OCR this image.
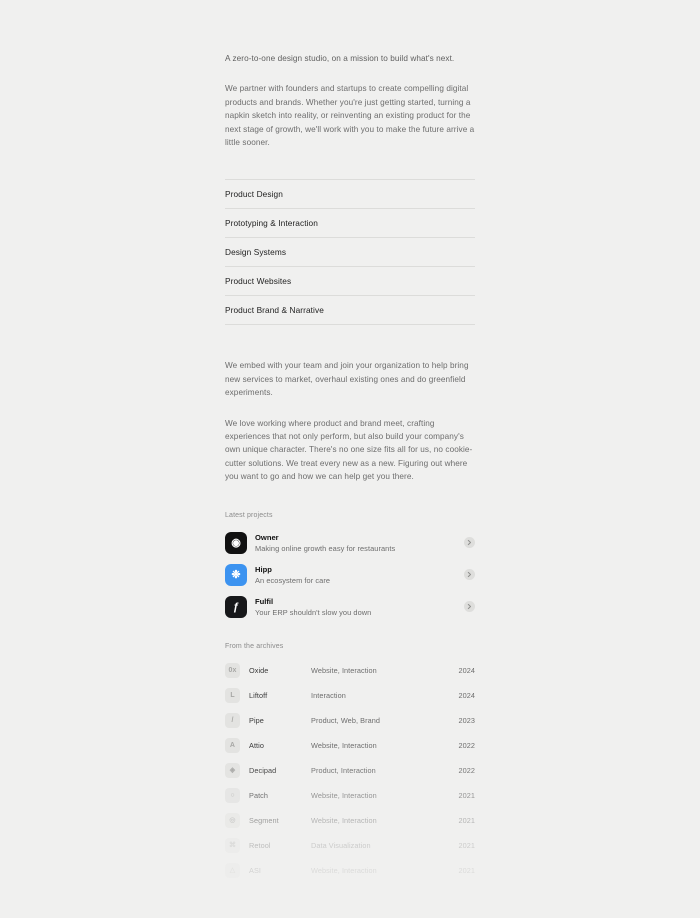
A zero-to-one design studio, on a mission to build what's next.

We partner with founders and startups to create compelling digital products and brands. Whether you're just getting started, turning a napkin sketch into reality, or reinventing an existing product for the next stage of growth, we'll work with you to make the future arrive a little sooner.

Product Design
Prototyping & Interaction
Design Systems
Product Websites
Product Brand & Narrative

We embed with your team and join your organization to help bring new services to market, overhaul existing ones and do greenfield experiments.

We love working where product and brand meet, crafting experiences that not only perform, but also build your company's own unique character. There's no one size fits all for us, no cookie-cutter solutions. We treat every new as a new. Figuring out where you want to go and how we can help get you there.

Latest projects
◉	Owner
Making online growth easy for restaurants
❉	Hipp
An ecosystem for care
ƒ	Fulfil
Your ERP shouldn't slow you down
From the archives
0x	Oxide	Website, Interaction	2024
L	Liftoff	Interaction	2024
/	Pipe	Product, Web, Brand	2023
A	Attio	Website, Interaction	2022
◈	Decipad	Product, Interaction	2022
○	Patch	Website, Interaction	2021
◎	Segment	Website, Interaction	2021
⌘	Retool	Data Visualization	2021
△	ASI	Website, Interaction	2021
